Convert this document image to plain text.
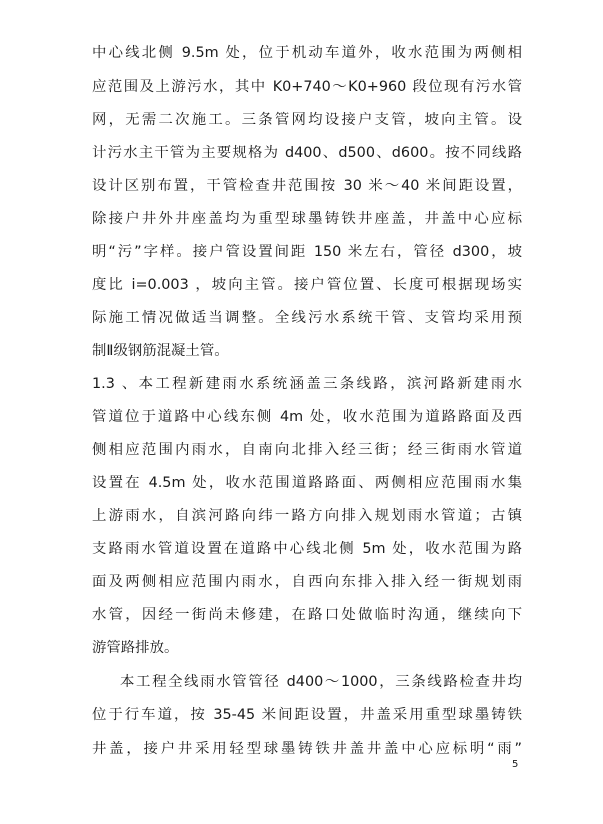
中心线北侧 9.5m 处，位于机动车道外，收水范围为两侧相
应范围及上游污水，其中 K0+740～K0+960 段位现有污水管
网，无需二次施工。三条管网均设接户支管，坡向主管。设
计污水主干管为主要规格为 d400、d500、d600。按不同线路
设计区别布置，干管检查井范围按 30 米～40 米间距设置，
除接户井外井座盖均为重型球墨铸铁井座盖，井盖中心应标
明“污”字样。接户管设置间距 150 米左右，管径 d300，坡
度比 i=0.003 ，坡向主管。接户管位置、长度可根据现场实
际施工情况做适当调整。全线污水系统干管、支管均采用预
制Ⅱ级钢筋混凝土管。
1.3 、本工程新建雨水系统涵盖三条线路，滨河路新建雨水
管道位于道路中心线东侧 4m 处，收水范围为道路路面及西
侧相应范围内雨水，自南向北排入经三街；经三街雨水管道
设置在 4.5m 处，收水范围道路路面、两侧相应范围雨水集
上游雨水，自滨河路向纬一路方向排入规划雨水管道；古镇
支路雨水管道设置在道路中心线北侧 5m 处，收水范围为路
面及两侧相应范围内雨水，自西向东排入排入经一街规划雨
水管，因经一街尚未修建，在路口处做临时沟通，继续向下
游管路排放。
本工程全线雨水管管径 d400～1000，三条线路检查井均
位于行车道，按 35-45 米间距设置，井盖采用重型球墨铸铁
井盖，接户井采用轻型球墨铸铁井盖井盖中心应标明“雨”
5
